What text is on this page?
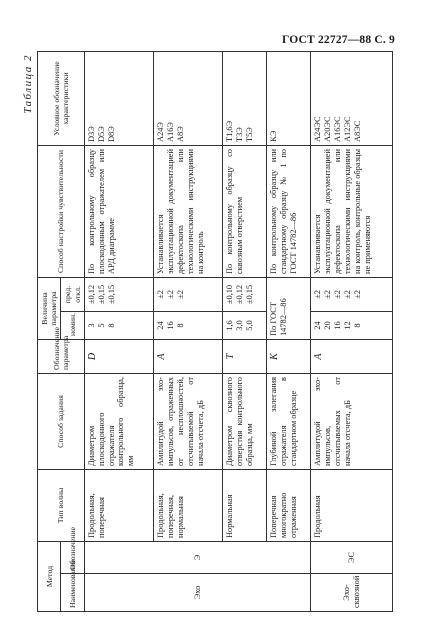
ГОСТ 22727—88 С. 9
Таблица 2
Метод		Тип волны	Способ задания	Обозначение параметра	Величина параметра		Способ настройки чувствительности	Условное обозначение характеристики
Наименование	Обозначение				номин.	пред. откл.		
Эхо	Э	Продольная, поперечная	Диаметром плоскодонного отражателя контрольного образца, мм	D	3 5 8	±0,12 ±0,15 ±0,15	По контрольному образцу плоскодонным отражателем или АРД диаграмме	D3Э D5Э D8Э

		Продольная, поперечная, нормальная	Амплитудой эхо-импульсов, отраженных от несплошностей, отсчитываемой от начала отсчета, дБ	A	24 16 8	±2 ±2 ±2	Устанавливается эксплуатационной документацией дефектоскопа или технологическими инструкциями на контроль	A24Э A16Э A8Э

		Нормальная	Диаметром сквозного отверстия контрольного образца, мм	T	1,6 3,0 5,0	±0,10 ±0,12 ±0,15	По контрольному образцу со сквозным отверстием	T1,6Э T3Э T5Э

		Поперечная многократно отраженная	Глубиной залегания отражателя в стандартном образце	K	По ГОСТ 14782—86		По контрольному образцу или стандартному образцу № 1 по ГОСТ 14782—86	KЭ
Эхо-сквозной	ЭС	Продольная	Амплитудой эхо-импульсов, отсчитываемых от начала отсчета, дБ	A	24 20 16 12 8	±2 ±2 ±2 ±2 ±2	Устанавливается эксплуатационной документацией дефектоскопа или технологическими инструкциями на контроль, контрольные образцы не применяются	A24ЭС A20ЭС A16ЭС A12ЭС A8ЭС
